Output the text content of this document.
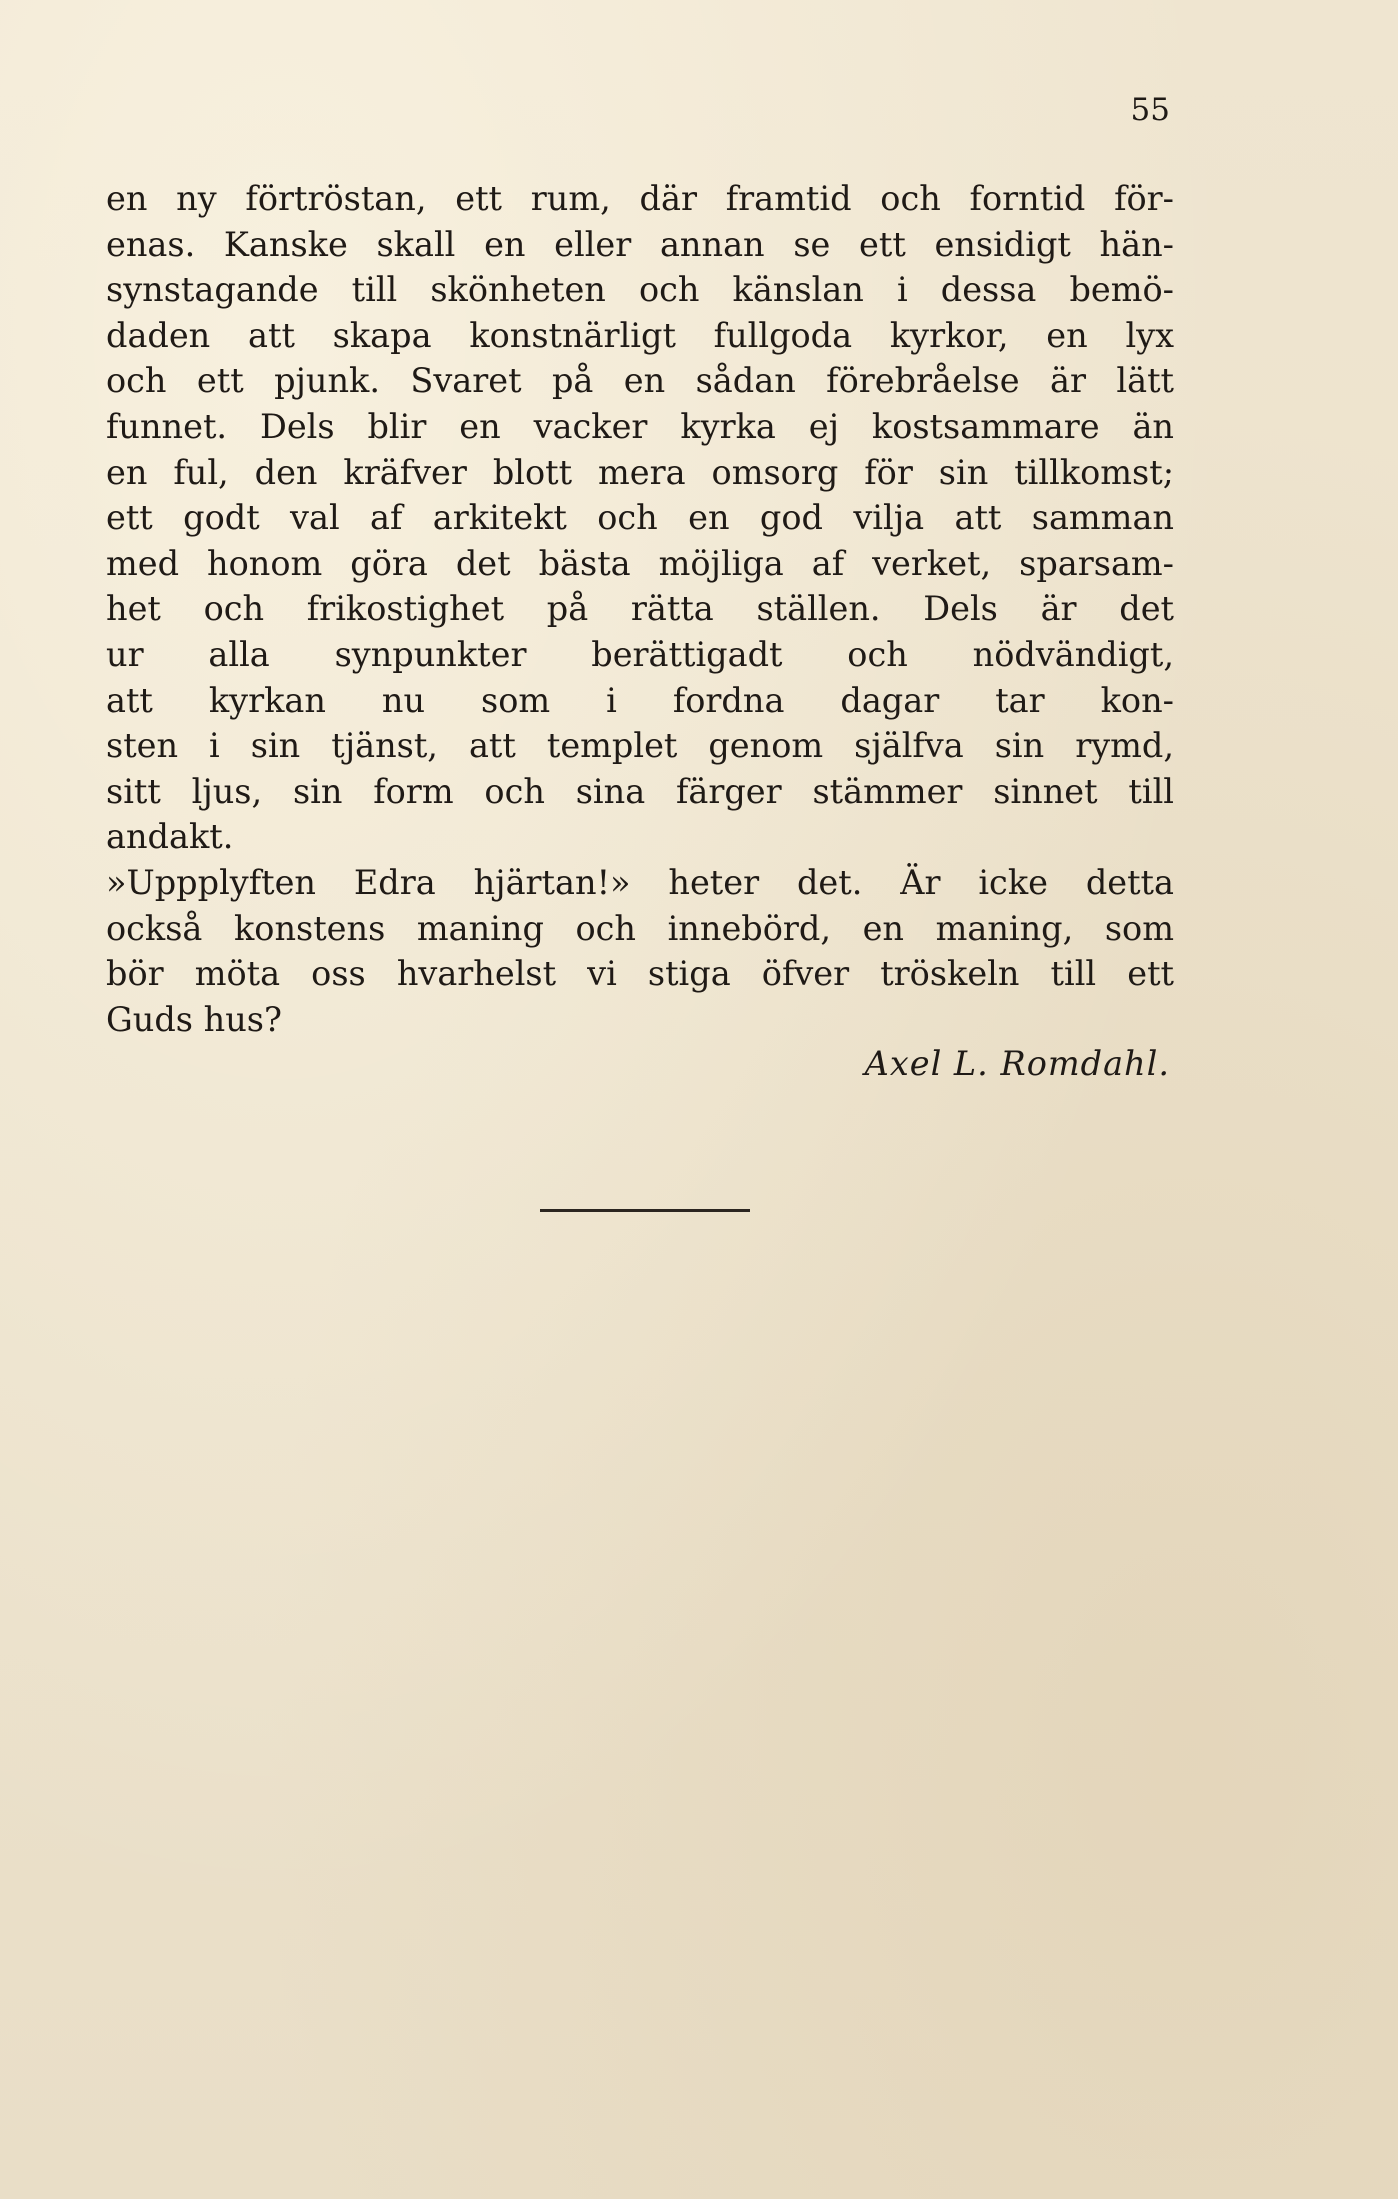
55
en ny förtröstan, ett rum, där framtid och forntid för-
enas. Kanske skall en eller annan se ett ensidigt hän-
synstagande till skönheten och känslan i dessa bemö-
daden att skapa konstnärligt fullgoda kyrkor, en lyx
och ett pjunk. Svaret på en sådan förebråelse är lätt
funnet. Dels blir en vacker kyrka ej kostsammare än
en ful, den kräfver blott mera omsorg för sin tillkomst;
ett godt val af arkitekt och en god vilja att samman
med honom göra det bästa möjliga af verket, sparsam-
het och frikostighet på rätta ställen. Dels är det
ur alla synpunkter berättigadt och nödvändigt,
att kyrkan nu som i fordna dagar tar kon-
sten i sin tjänst, att templet genom själfva sin rymd,
sitt ljus, sin form och sina färger stämmer sinnet till
andakt.
»Uppplyften Edra hjärtan!» heter det. Är icke detta
också konstens maning och innebörd, en maning, som
bör möta oss hvarhelst vi stiga öfver tröskeln till ett
Guds hus?
Axel L. Romdahl.
